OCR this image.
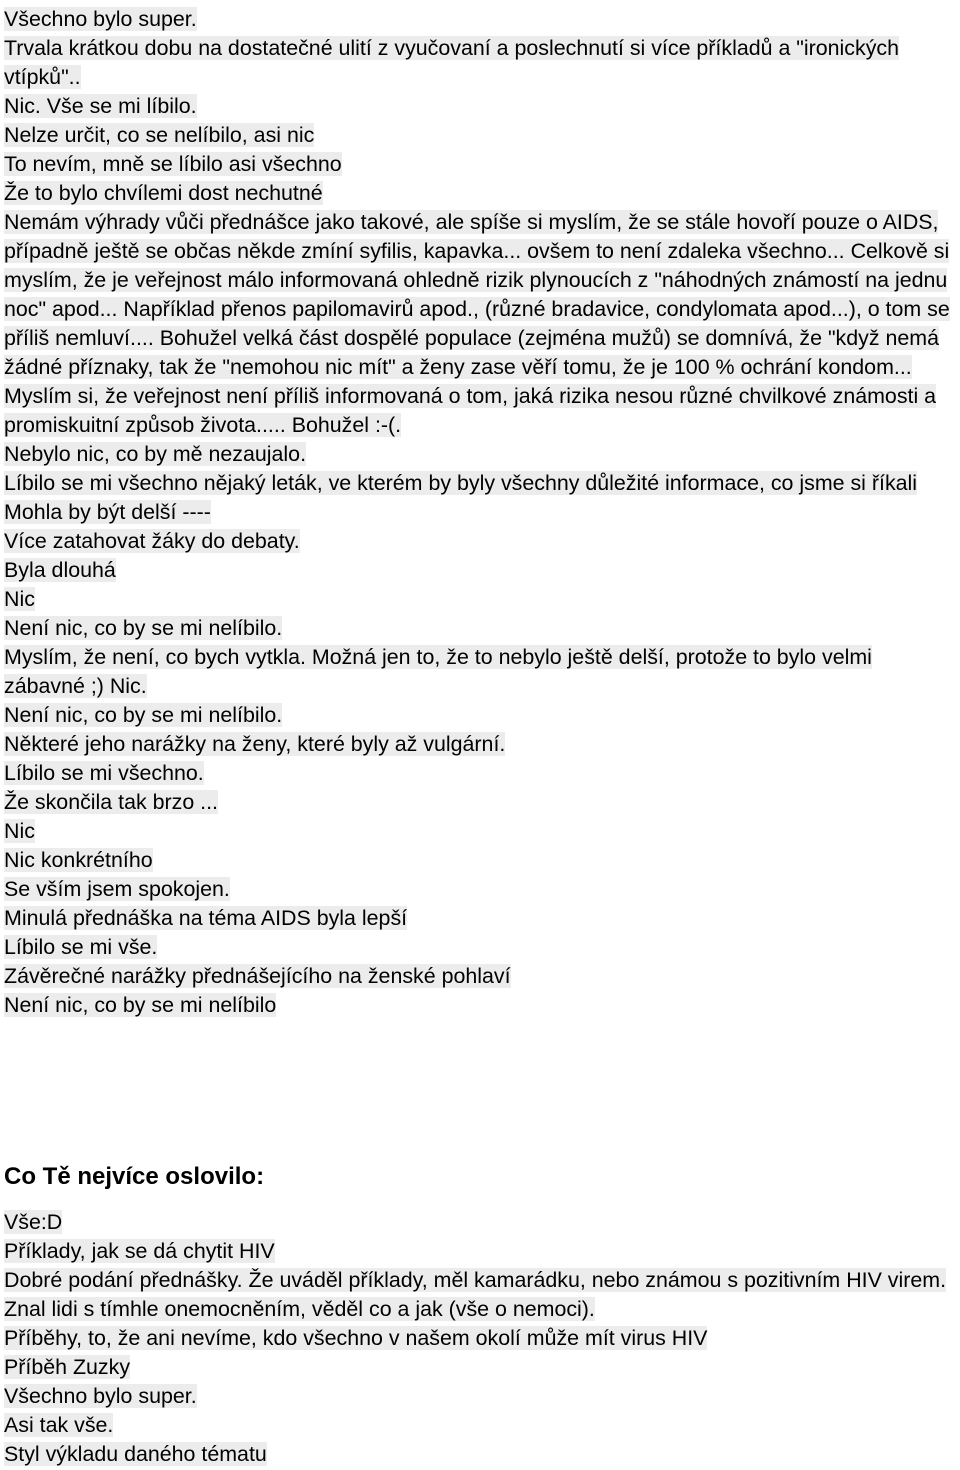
Všechno bylo super.
Trvala krátkou dobu na dostatečné ulití z vyučovaní a poslechnutí si více příkladů a "ironických vtípků"..
Nic. Vše se mi líbilo.
Nelze určit, co se nelíbilo, asi nic
To nevím, mně se líbilo asi všechno
Že to bylo chvílemi dost nechutné
Nemám výhrady vůči přednášce jako takové, ale spíše si myslím, že se stále hovoří pouze o AIDS, případně ještě se občas někde zmíní syfilis, kapavka... ovšem to není zdaleka všechno... Celkově si myslím, že je veřejnost málo informovaná ohledně rizik plynoucích z "náhodných známostí na jednu noc" apod... Například přenos papilomavirů apod., (různé bradavice, condylomata apod...), o tom se příliš nemluví.... Bohužel velká část dospělé populace (zejména mužů) se domnívá, že "když nemá žádné příznaky, tak že "nemohou nic mít" a ženy zase věří tomu, že je 100 % ochrání kondom... Myslím si, že veřejnost není příliš informovaná o tom, jaká rizika nesou různé chvilkové známosti a promiskuitní způsob života..... Bohužel :-(.
Nebylo nic, co by mě nezaujalo.
Líbilo se mi všechno nějaký leták, ve kterém by byly všechny důležité informace, co jsme si říkali
Mohla by být delší ----
Více zatahovat žáky do debaty.
Byla dlouhá
Nic
Není nic, co by se mi nelíbilo.
Myslím, že není, co bych vytkla. Možná jen to, že to nebylo ještě delší, protože to bylo velmi zábavné ;) Nic.
Není nic, co by se mi nelíbilo.
Některé jeho narážky na ženy, které byly až vulgární.
Líbilo se mi všechno.
Že skončila tak brzo ...
Nic
Nic konkrétního
Se vším jsem spokojen.
Minulá přednáška na téma AIDS byla lepší
Líbilo se mi vše.
Závěrečné narážky přednášejícího na ženské pohlaví
Není nic, co by se mi nelíbilo
Co Tě nejvíce oslovilo:
Vše:D
Příklady, jak se dá chytit HIV
Dobré podání přednášky. Že uváděl příklady, měl kamarádku, nebo známou s pozitivním HIV virem. Znal lidi s tímhle onemocněním, věděl co a jak (vše o nemoci).
Příběhy, to, že ani nevíme, kdo všechno v našem okolí může mít virus HIV
Příběh Zuzky
Všechno bylo super.
Asi tak vše.
Styl výkladu daného tématu
